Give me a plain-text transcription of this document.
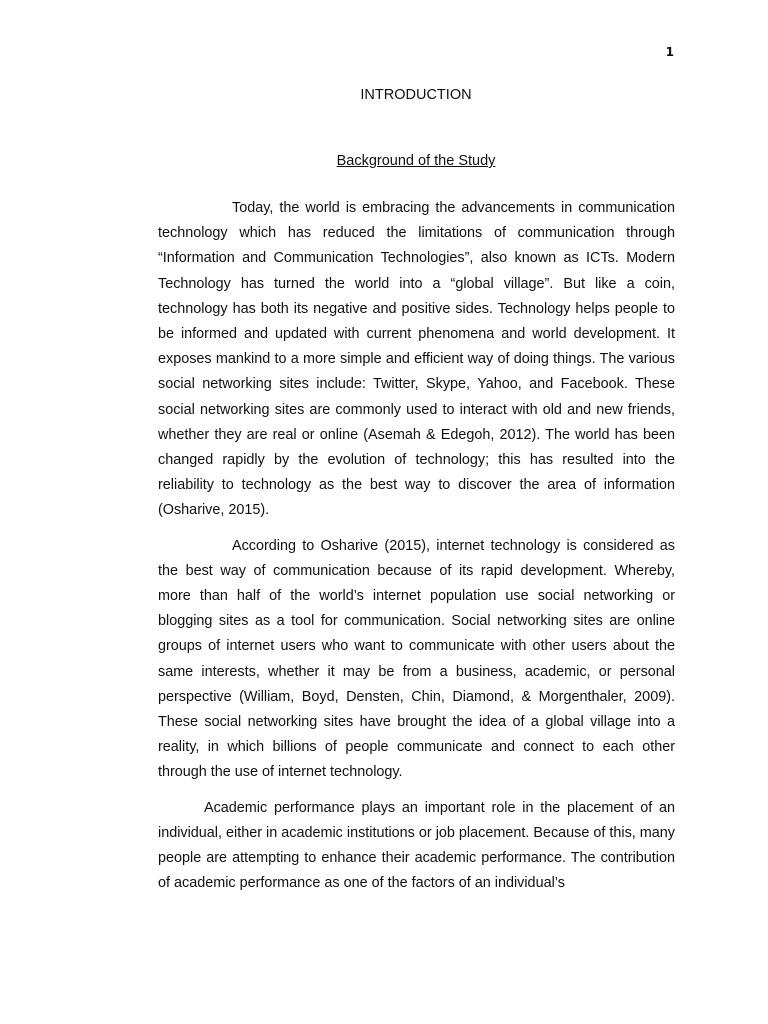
1
INTRODUCTION
Background of the Study

Today, the world is embracing the advancements in communication technology which has reduced the limitations of communication through “Information and Communication Technologies”, also known as ICTs. Modern Technology has turned the world into a “global village”. But like a coin, technology has both its negative and positive sides. Technology helps people to be informed and updated with current phenomena and world development. It exposes mankind to a more simple and efficient way of doing things. The various social networking sites include: Twitter, Skype, Yahoo, and Facebook. These social networking sites are commonly used to interact with old and new friends, whether they are real or online (Asemah & Edegoh, 2012). The world has been changed rapidly by the evolution of technology; this has resulted into the reliability to technology as the best way to discover the area of information (Osharive, 2015).

According to Osharive (2015), internet technology is considered as the best way of communication because of its rapid development. Whereby, more than half of the world’s internet population use social networking or blogging sites as a tool for communication. Social networking sites are online groups of internet users who want to communicate with other users about the same interests, whether it may be from a business, academic, or personal perspective (William, Boyd, Densten, Chin, Diamond, & Morgenthaler, 2009). These social networking sites have brought the idea of a global village into a reality, in which billions of people communicate and connect to each other through the use of internet technology.

Academic performance plays an important role in the placement of an individual, either in academic institutions or job placement. Because of this, many people are attempting to enhance their academic performance. The contribution of academic performance as one of the factors of an individual’s
